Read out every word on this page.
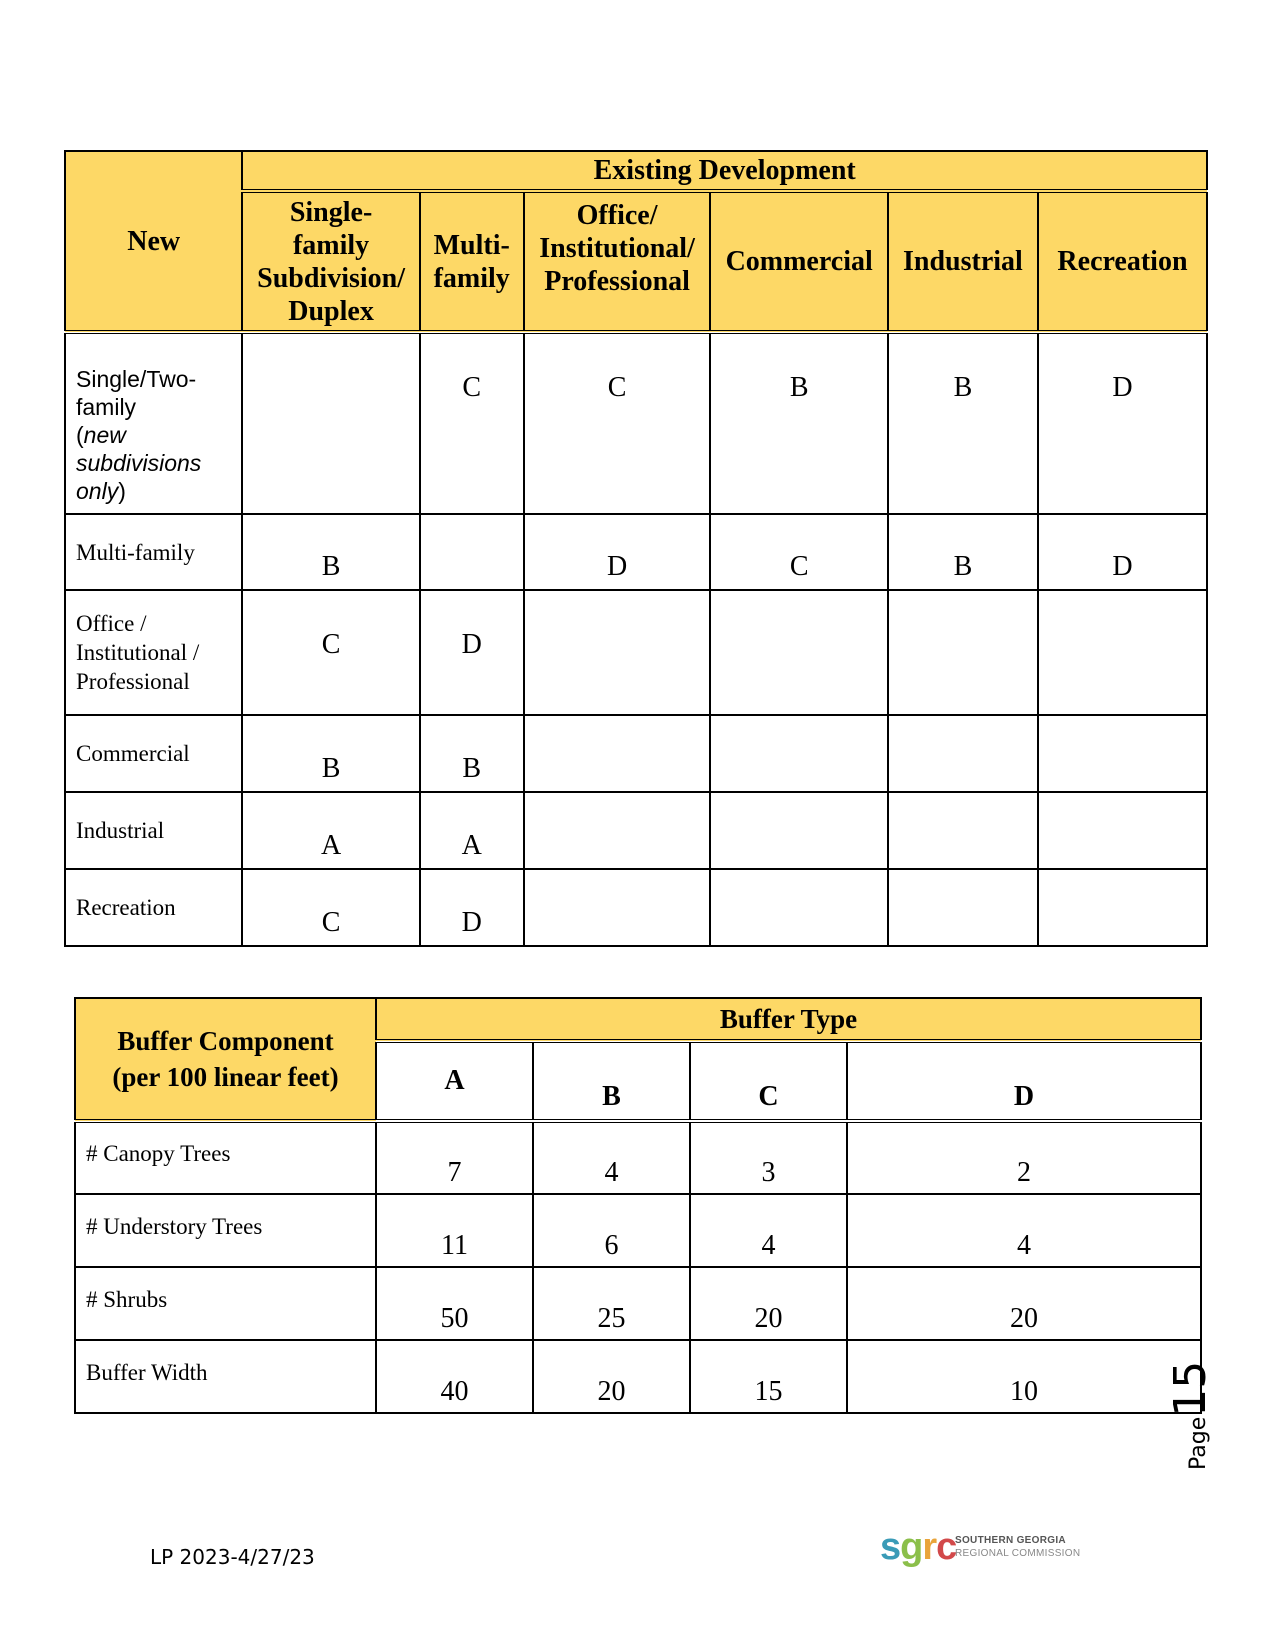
New	Existing Development					
	Single-
family
Subdivision/
Duplex	Multi-
family	Office/
Institutional/
Professional	Commercial	Industrial	Recreation
Single/Two-
family
(new subdivisions only)		C	C	B	B	D
Multi-family	B		D	C	B	D
Office /
Institutional /
Professional	C	D				
Commercial	B	B				
Industrial	A	A				
Recreation	C	D				
Buffer Component
(per 100 linear feet)	Buffer Type			
	A	B	C	D
# Canopy Trees	7	4	3	2
# Understory Trees	11	6	4	4
# Shrubs	50	25	20	20
Buffer Width	40	20	15	10
Page15
LP 2023-4/27/23	sgrc
SOUTHERN GEORGIA
REGIONAL COMMISSION
